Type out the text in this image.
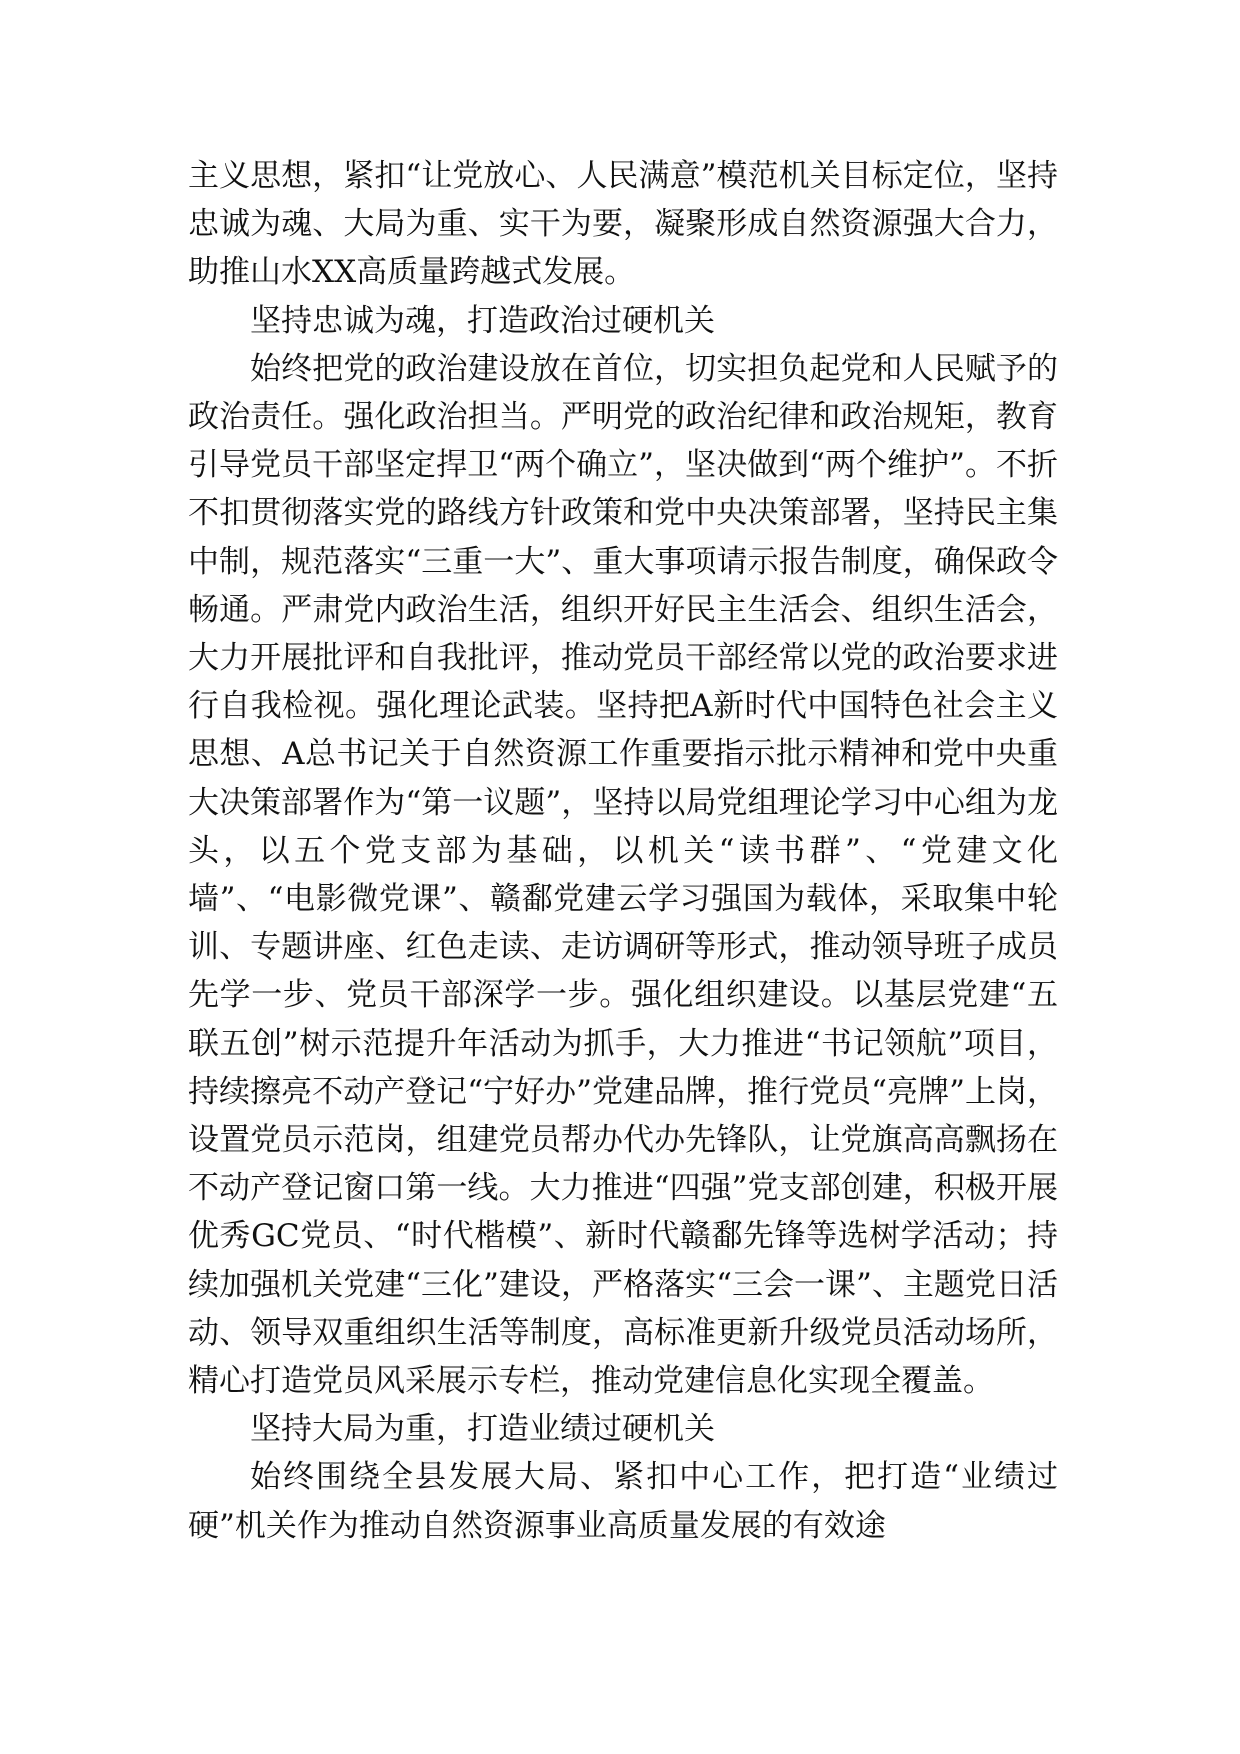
主义思想，紧扣“让党放心、人民满意”模范机关目标定位，坚持忠诚为魂、大局为重、实干为要，凝聚形成自然资源强大合力，助推山水XX高质量跨越式发展。

坚持忠诚为魂，打造政治过硬机关

始终把党的政治建设放在首位，切实担负起党和人民赋予的政治责任。强化政治担当。严明党的政治纪律和政治规矩，教育引导党员干部坚定捍卫“两个确立”，坚决做到“两个维护”。不折不扣贯彻落实党的路线方针政策和党中央决策部署，坚持民主集中制，规范落实“三重一大”、重大事项请示报告制度，确保政令畅通。严肃党内政治生活，组织开好民主生活会、组织生活会，大力开展批评和自我批评，推动党员干部经常以党的政治要求进行自我检视。强化理论武装。坚持把A新时代中国特色社会主义思想、A总书记关于自然资源工作重要指示批示精神和党中央重大决策部署作为“第一议题”，坚持以局党组理论学习中心组为龙头，以五个党支部为基础，以机关“读书群”、“党建文化墙”、“电影微党课”、赣鄱党建云学习强国为载体，采取集中轮训、专题讲座、红色走读、走访调研等形式，推动领导班子成员先学一步、党员干部深学一步。强化组织建设。以基层党建“五联五创”树示范提升年活动为抓手，大力推进“书记领航”项目，持续擦亮不动产登记“宁好办”党建品牌，推行党员“亮牌”上岗，设置党员示范岗，组建党员帮办代办先锋队，让党旗高高飘扬在不动产登记窗口第一线。大力推进“四强”党支部创建，积极开展优秀GC党员、“时代楷模”、新时代赣鄱先锋等选树学活动；持续加强机关党建“三化”建设，严格落实“三会一课”、主题党日活动、领导双重组织生活等制度，高标准更新升级党员活动场所，精心打造党员风采展示专栏，推动党建信息化实现全覆盖。

坚持大局为重，打造业绩过硬机关

始终围绕全县发展大局、紧扣中心工作，把打造“业绩过硬”机关作为推动自然资源事业高质量发展的有效途
